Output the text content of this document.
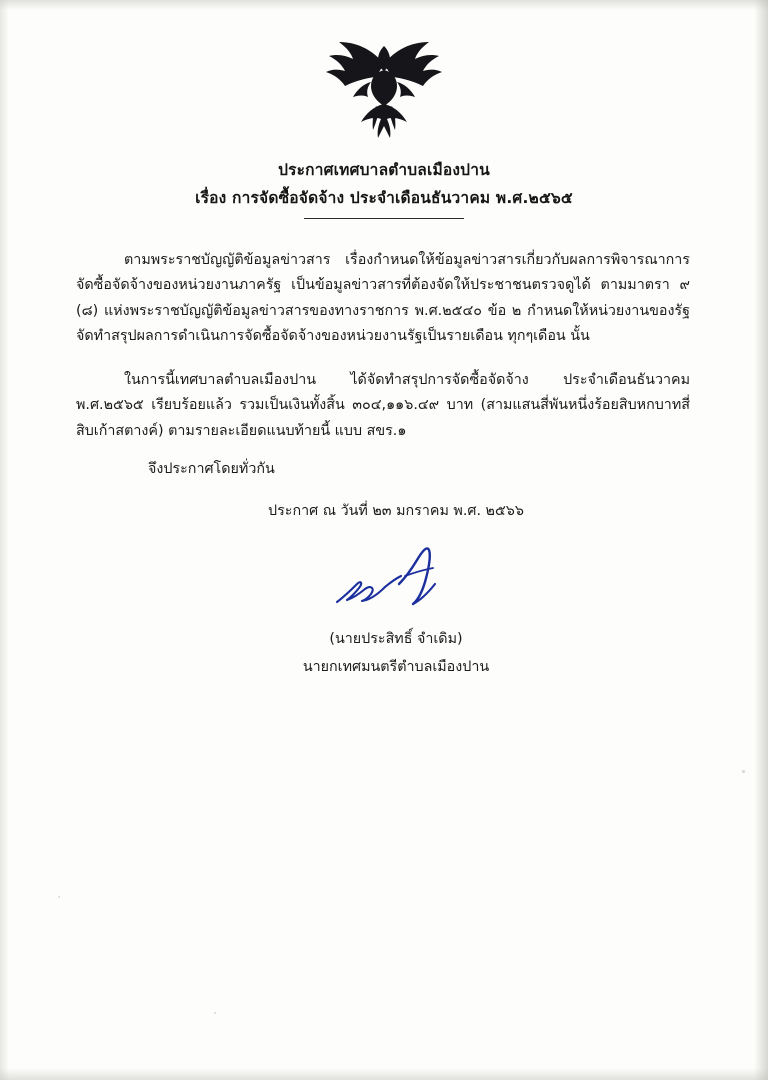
ประกาศเทศบาลตำบลเมืองปาน
เรื่อง การจัดซื้อจัดจ้าง ประจำเดือนธันวาคม พ.ศ.๒๕๖๕

ตามพระราชบัญญัติข้อมูลข่าวสาร เรื่องกำหนดให้ข้อมูลข่าวสารเกี่ยวกับผลการพิจารณาการจัดซื้อจัดจ้างของหน่วยงานภาครัฐ เป็นข้อมูลข่าวสารที่ต้องจัดให้ประชาชนตรวจดูได้ ตามมาตรา ๙ (๘) แห่งพระราชบัญญัติข้อมูลข่าวสารของทางราชการ พ.ศ.๒๕๔๐ ข้อ ๒ กำหนดให้หน่วยงานของรัฐจัดทำสรุปผลการดำเนินการจัดซื้อจัดจ้างของหน่วยงานรัฐเป็นรายเดือน ทุกๆเดือน นั้น

ในการนี้เทศบาลตำบลเมืองปาน ได้จัดทำสรุปการจัดซื้อจัดจ้าง ประจำเดือนธันวาคม พ.ศ.๒๕๖๕ เรียบร้อยแล้ว รวมเป็นเงินทั้งสิ้น ๓๐๔,๑๑๖.๔๙ บาท (สามแสนสี่พันหนึ่งร้อยสิบหกบาทสี่สิบเก้าสตางค์) ตามรายละเอียดแนบท้ายนี้ แบบ สขร.๑

จึงประกาศโดยทั่วกัน
ประกาศ ณ วันที่ ๒๓ มกราคม พ.ศ. ๒๕๖๖
(นายประสิทธิ์ จำเดิม)
นายกเทศมนตรีตำบลเมืองปาน
